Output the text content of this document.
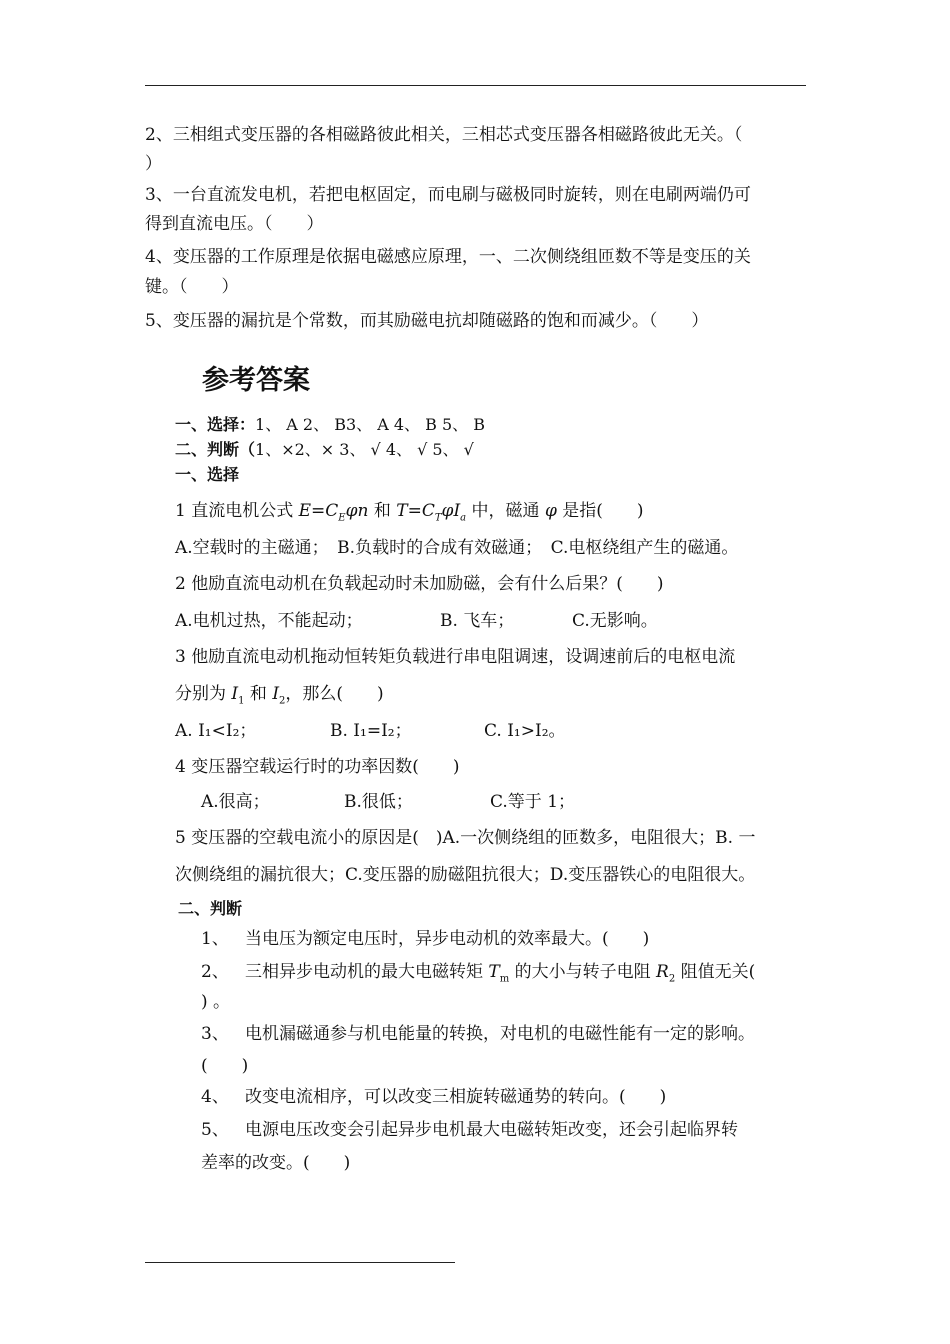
2、三相组式变压器的各相磁路彼此相关，三相芯式变压器各相磁路彼此无关。（
）
3、一台直流发电机，若把电枢固定，而电刷与磁极同时旋转，则在电刷两端仍可
得到直流电压。（　　）
4、变压器的工作原理是依据电磁感应原理，一、二次侧绕组匝数不等是变压的关
键。（　　）
5、变压器的漏抗是个常数，而其励磁电抗却随磁路的饱和而减少。（　　）
参考答案
一、选择：1、 A 2、 B3、 A 4、 B 5、 B
二、判断（1、×2、× 3、 √ 4、 √ 5、 √
一、选择
1 直流电机公式 $E=C_E\varphi n$ 和 $T=C_T\varphi I_a$ 中，磁通 φ 是指(　　)
A.空载时的主磁通；　B.负载时的合成有效磁通；　C.电枢绕组产生的磁通。
2 他励直流电动机在负载起动时未加励磁，会有什么后果？(　　)
A.电机过热，不能起动；	B. 飞车；	C.无影响。
3 他励直流电动机拖动恒转矩负载进行串电阻调速，设调速前后的电枢电流
分别为 $I_1$ 和 $I_2$，那么(　　)
A. I₁<I₂；	B. I₁=I₂；	C. I₁>I₂。
4 变压器空载运行时的功率因数(　　)
A.很高；	B.很低；	C.等于 1；
5 变压器的空载电流小的原因是(　)A.一次侧绕组的匝数多，电阻很大；B. 一
次侧绕组的漏抗很大；C.变压器的励磁阻抗很大；D.变压器铁心的电阻很大。
二、判断
1、 当电压为额定电压时，异步电动机的效率最大。(　　)
2、 三相异步电动机的最大电磁转矩 $T_m$ 的大小与转子电阻 $R_2$ 阻值无关(
) 。
3、 电机漏磁通参与机电能量的转换，对电机的电磁性能有一定的影响。
(　　)
4、 改变电流相序，可以改变三相旋转磁通势的转向。(　　)
5、 电源电压改变会引起异步电机最大电磁转矩改变，还会引起临界转
差率的改变。(　　)
